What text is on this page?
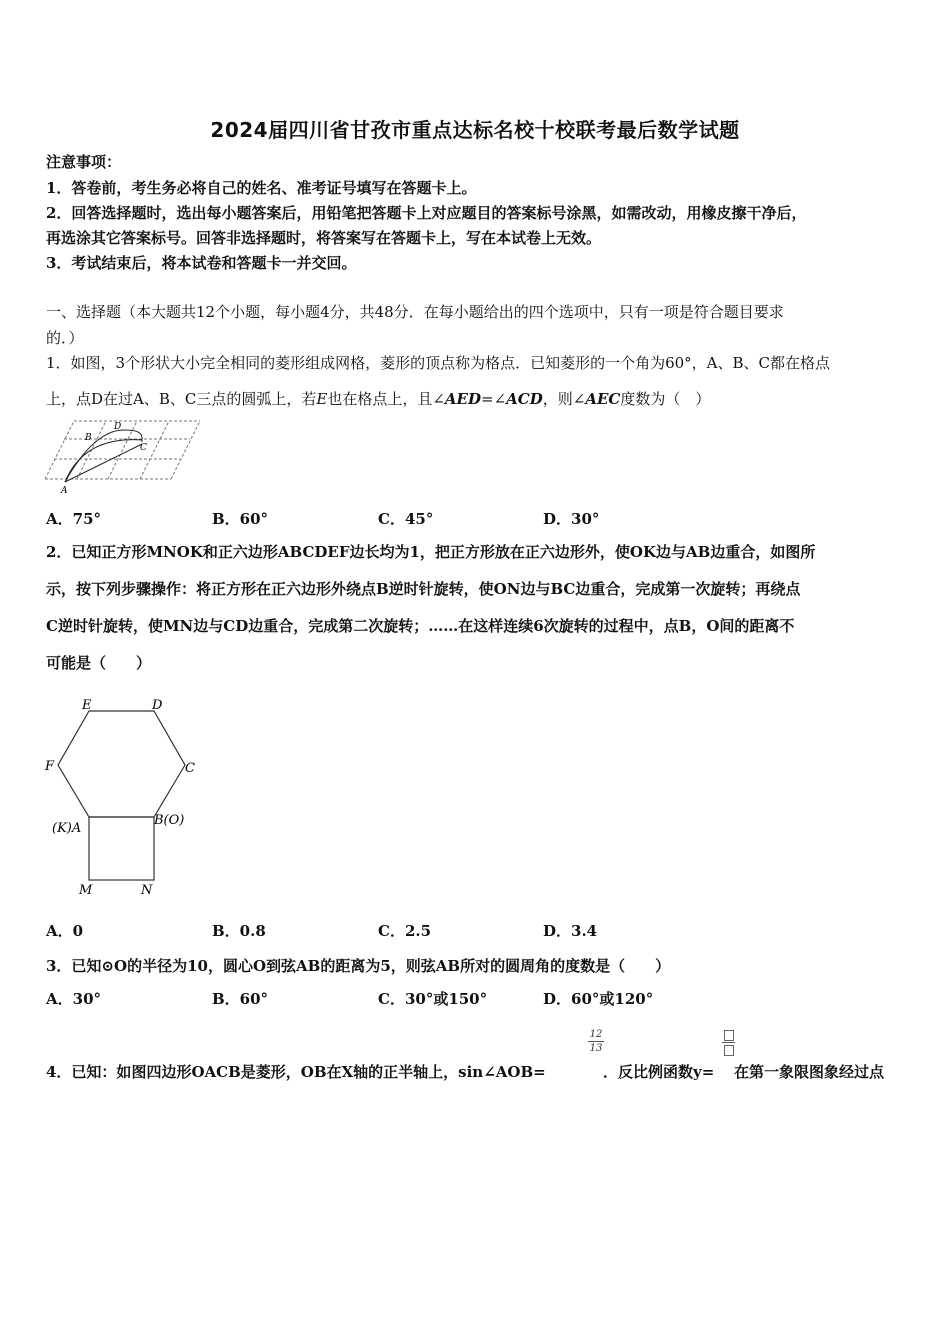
2024届四川省甘孜市重点达标名校十校联考最后数学试题
注意事项：
1．答卷前，考生务必将自己的姓名、准考证号填写在答题卡上。
2．回答选择题时，选出每小题答案后，用铅笔把答题卡上对应题目的答案标号涂黑，如需改动，用橡皮擦干净后，
再选涂其它答案标号。回答非选择题时，将答案写在答题卡上，写在本试卷上无效。
3．考试结束后，将本试卷和答题卡一并交回。
一、选择题（本大题共12个小题，每小题4分，共48分．在每小题给出的四个选项中，只有一项是符合题目要求
的．）
1．如图，3个形状大小完全相同的菱形组成网格，菱形的顶点称为格点．已知菱形的一个角为60°，A、B、C都在格点
上，点D在过A、B、C三点的圆弧上，若E也在格点上，且∠AED=∠ACD，则∠AEC度数为（　）
A
B
C
D
A．75°	B．60°	C．45°	D．30°
2．已知正方形MNOK和正六边形ABCDEF边长均为1，把正方形放在正六边形外，使OK边与AB边重合，如图所
示，按下列步骤操作：将正方形在正六边形外绕点B逆时针旋转，使ON边与BC边重合，完成第一次旋转；再绕点
C逆时针旋转，使MN边与CD边重合，完成第二次旋转；……在这样连续6次旋转的过程中，点B，O间的距离不
可能是（　　）
E	D
F	C
(K)A
B(O)
M	N
A．0	B．0.8	C．2.5	D．3.4
3．已知⊙O的半径为10，圆心O到弦AB的距离为5，则弦AB所对的圆周角的度数是（　　）
A．30°	B．60°	C．30°或150°	D．60°或120°
4．已知：如图四边形OACB是菱形，OB在X轴的正半轴上，sin∠AOB=
12
13
．反比例函数y= 在第一象限图象经过点
